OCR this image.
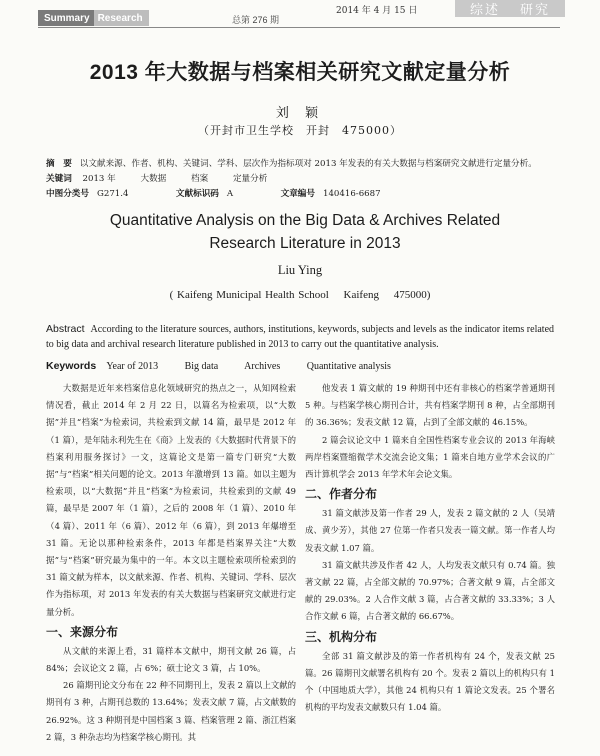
Summary Research	总第 276 期
2014 年 4 月 15 日	综述 研究
2013 年大数据与档案相关研究文献定量分析
刘 颖
（开封市卫生学校　开封　475000）
摘　要 以文献来源、作者、机构、关键词、学科、层次作为指标项对 2013 年发表的有关大数据与档案研究文献进行定量分析。
关键词 2013 年	大数据	档案	定量分析
中图分类号 G271.4	文献标识码 A	文章编号 140416-6687
Quantitative Analysis on the Big Data & Archives Related
Research Literature in 2013
Liu Ying
( Kaifeng Municipal Health School　 Kaifeng　 475000)
Abstract According to the literature sources, authors, institutions, keywords, subjects and levels as the indicator items related to big data and archival research literature published in 2013 to carry out the quantitative analysis.
Keywords Year of 2013	Big data	Archives	Quantitative analysis

大数据是近年来档案信息化领域研究的热点之一，从知网检索情况看，截止 2014 年 2 月 22 日，以篇名为检索项，以“大数据”并且“档案”为检索词，共检索到文献 14 篇，最早是 2012 年（1 篇），是年陆永利先生在《商》上发表的《大数据时代背景下的档案利用服务探讨》一文，这篇论文是第一篇专门研究“大数据”与“档案”相关问题的论文。2013 年激增到 13 篇。如以主题为检索项，以“大数据”并且“档案”为检索词，共检索到的文献 49 篇，最早是 2007 年（1 篇），之后的 2008 年（1 篇）、2010 年（4 篇）、2011 年（6 篇）、2012 年（6 篇），到 2013 年爆增至 31 篇。无论以那种检索条件，2013 年都是档案界关注“大数据”与“档案”研究最为集中的一年。本文以主题检索项所检索到的 31 篇文献为样本，以文献来源、作者、机构、关键词、学科、层次作为指标项，对 2013 年发表的有关大数据与档案研究文献进行定量分析。

一、来源分布

从文献的来源上看，31 篇样本文献中，期刊文献 26 篇，占 84%；会议论文 2 篇，占 6%；硕士论文 3 篇，占 10%。

26 篇期刊论文分布在 22 种不同期刊上，发表 2 篇以上文献的期刊有 3 种，占期刊总数的 13.64%；发表文献 7 篇，占文献数的 26.92%。这 3 种期刊是中国档案 3 篇、档案管理 2 篇、浙江档案 2 篇，3 种杂志均为档案学核心期刊。其

他发表 1 篇文献的 19 种期刊中还有非核心的档案学普通期刊 5 种。与档案学核心期刊合计，共有档案学期刊 8 种，占全部期刊的 36.36%；发表文献 12 篇，占到了全部文献的 46.15%。

2 篇会议论文中 1 篇来自全国性档案专业会议的 2013 年海峡两岸档案暨缩微学术交流会论文集；1 篇来自地方业学术会议的广西计算机学会 2013 年学术年会论文集。

二、作者分布

31 篇文献涉及第一作者 29 人，发表 2 篇文献的 2 人（吴靖成、黄少芳），其他 27 位第一作者只发表一篇文献。第一作者人均发表文献 1.07 篇。

31 篇文献共涉及作者 42 人，人均发表文献只有 0.74 篇。独著文献 22 篇，占全部文献的 70.97%；合著文献 9 篇，占全部文献的 29.03%。2 人合作文献 3 篇，占合著文献的 33.33%；3 人合作文献 6 篇，占合著文献的 66.67%。

三、机构分布

全部 31 篇文献涉及的第一作者机构有 24 个，发表文献 25 篇。26 篇期刊文献署名机构有 20 个。发表 2 篇以上的机构只有 1 个（中国地质大学），其他 24 机构只有 1 篇论文发表。25 个署名机构的平均发表文献数只有 1.04 篇。
